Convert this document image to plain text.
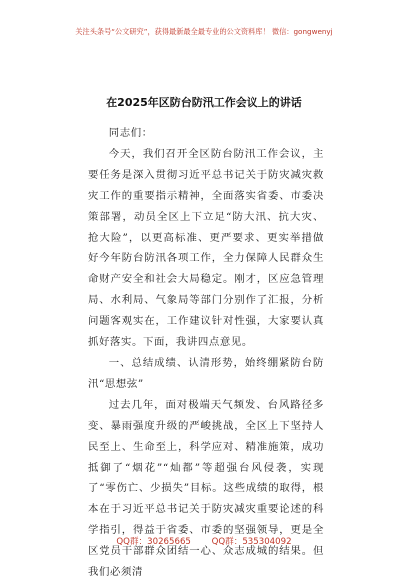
关注头条号“公文研究”，获得最新最全最专业的公文资料库！ 微信：gongwenyj
在2025年区防台防汛工作会议上的讲话

同志们：

今天，我们召开全区防台防汛工作会议，主要任务是深入贯彻习近平总书记关于防灾减灾救灾工作的重要指示精神，全面落实省委、市委决策部署，动员全区上下立足“防大汛、抗大灾、抢大险”，以更高标准、更严要求、更实举措做好今年防台防汛各项工作，全力保障人民群众生命财产安全和社会大局稳定。刚才，区应急管理局、水利局、气象局等部门分别作了汇报，分析问题客观实在，工作建议针对性强，大家要认真抓好落实。下面，我讲四点意见。

一、总结成绩、认清形势，始终绷紧防台防汛“思想弦”

过去几年，面对极端天气频发、台风路径多变、暴雨强度升级的严峻挑战，全区上下坚持人民至上、生命至上，科学应对、精准施策，成功抵御了“烟花”“灿都”等超强台风侵袭，实现了“零伤亡、少损失”目标。这些成绩的取得，根本在于习近平总书记关于防灾减灾重要论述的科学指引，得益于省委、市委的坚强领导，更是全区党员干部群众团结一心、众志成城的结果。但我们必须清

QQ群：30265665 QQ群：535304092
